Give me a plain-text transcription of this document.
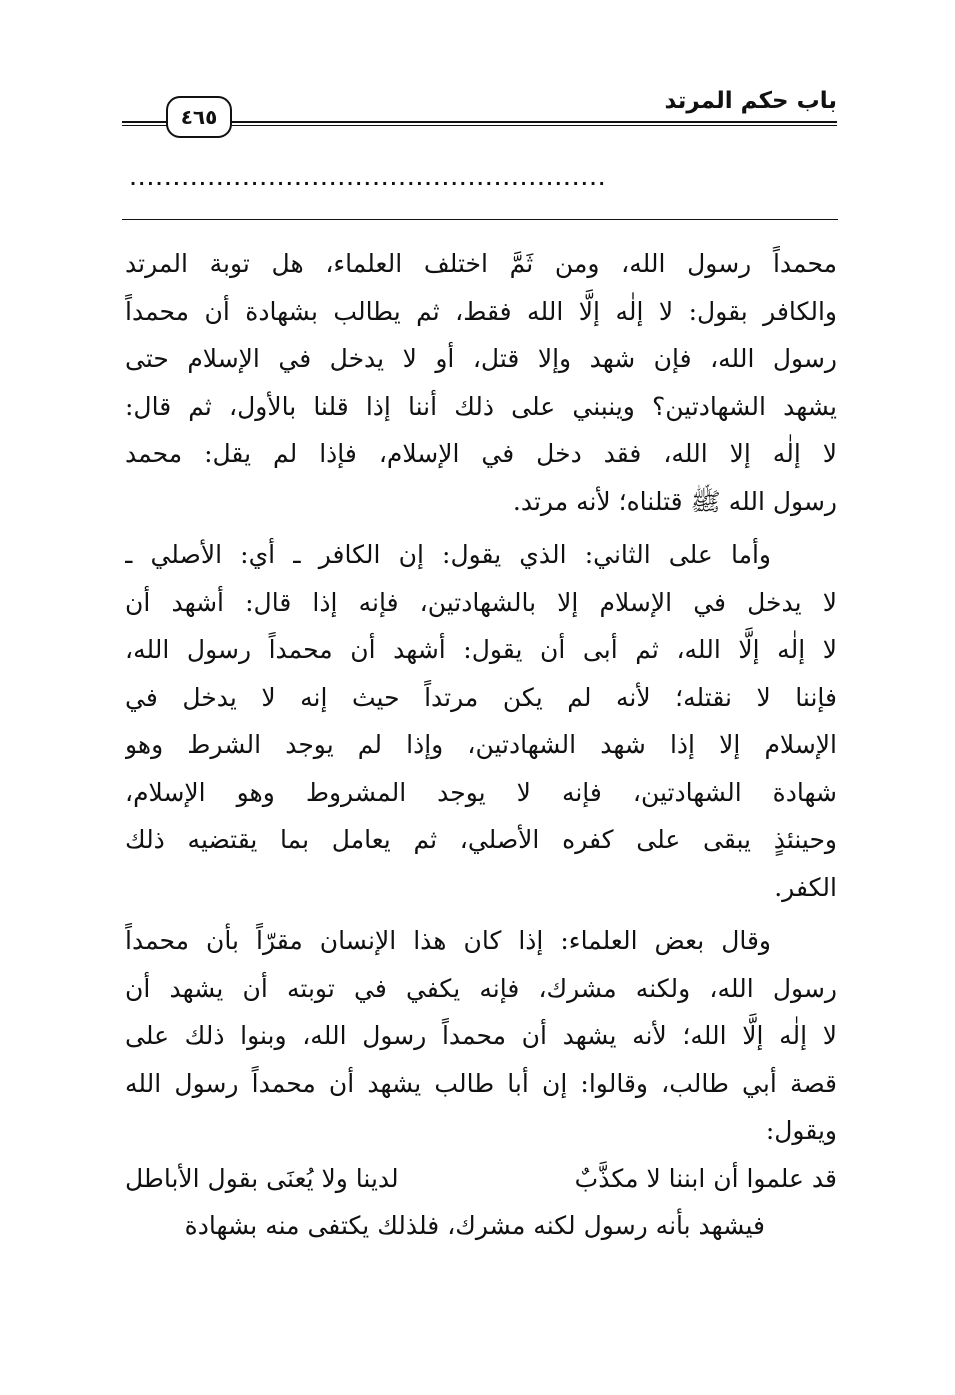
باب حكم المرتد
٤٦٥
.......................................................

محمداً رسول الله، ومن ثَمَّ اختلف العلماء، هل توبة المرتد
والكافر بقول: لا إلٰه إلَّا الله فقط، ثم يطالب بشهادة أن محمداً
رسول الله، فإن شهد وإلا قتل، أو لا يدخل في الإسلام حتى
يشهد الشهادتين؟ وينبني على ذلك أننا إذا قلنا بالأول، ثم قال:
لا إلٰه إلا الله، فقد دخل في الإسلام، فإذا لم يقل: محمد
رسول الله ﷺ قتلناه؛ لأنه مرتد.

وأما على الثاني: الذي يقول: إن الكافر ـ أي: الأصلي ـ
لا يدخل في الإسلام إلا بالشهادتين، فإنه إذا قال: أشهد أن
لا إلٰه إلَّا الله، ثم أبى أن يقول: أشهد أن محمداً رسول الله،
فإننا لا نقتله؛ لأنه لم يكن مرتداً حيث إنه لا يدخل في
الإسلام إلا إذا شهد الشهادتين، وإذا لم يوجد الشرط وهو
شهادة الشهادتين، فإنه لا يوجد المشروط وهو الإسلام،
وحينئذٍ يبقى على كفره الأصلي، ثم يعامل بما يقتضيه ذلك
الكفر.

وقال بعض العلماء: إذا كان هذا الإنسان مقرّاً بأن محمداً
رسول الله، ولكنه مشرك، فإنه يكفي في توبته أن يشهد أن
لا إلٰه إلَّا الله؛ لأنه يشهد أن محمداً رسول الله، وبنوا ذلك على
قصة أبي طالب، وقالوا: إن أبا طالب يشهد أن محمداً رسول الله
ويقول:

قد علموا أن ابننا لا مكذَّبٌ
لدينا ولا يُعنَى بقول الأباطل
فيشهد بأنه رسول لكنه مشرك، فلذلك يكتفى منه بشهادة
